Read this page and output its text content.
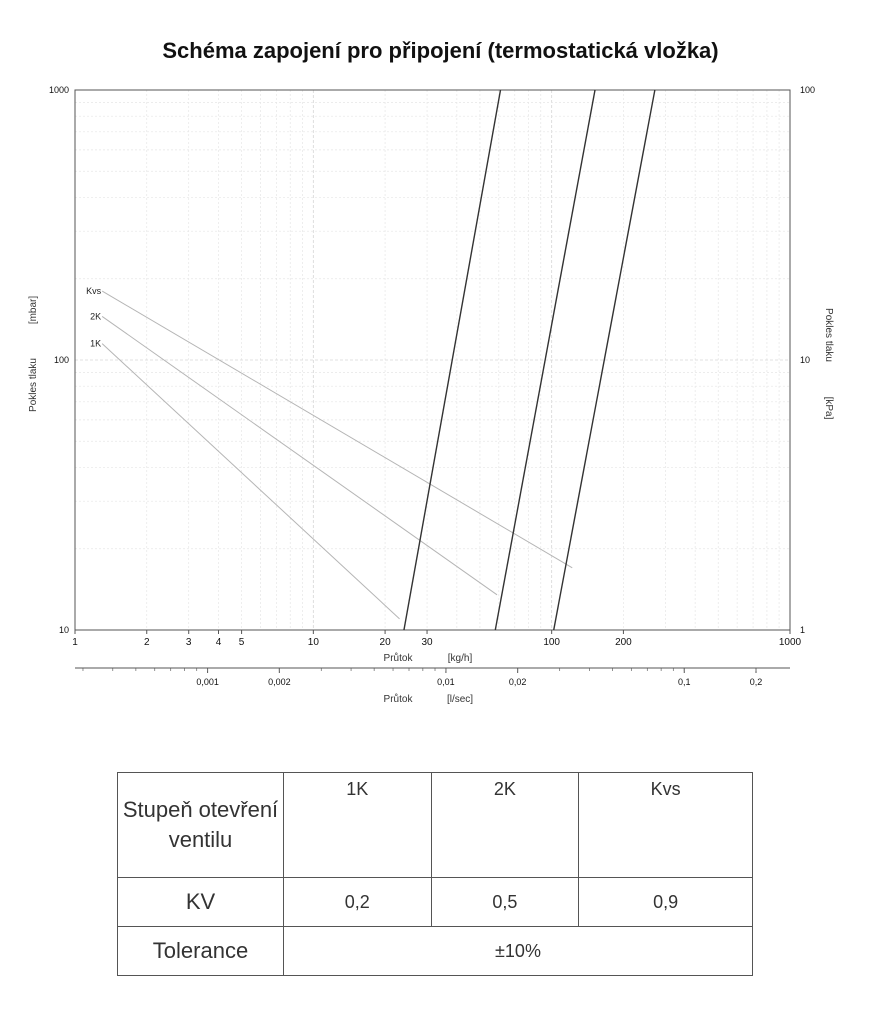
Schéma zapojení pro připojení (termostatická vložka)
1K
2K
Kvs
1	2	3 4 5	10	20	30	100	200	1000
0,001	0,002	0,01	0,02	0,1	0,2
10
100
1000
1
10
100
Průtok	[kg/h]
Průtok	[l/sec]
Pokles tlaku
[mbar]	Pokles tlaku
[kPa]
Stupeň otevření ventilu	1K	2K	Kvs
KV	0,2	0,5	0,9
Tolerance	±10%		
